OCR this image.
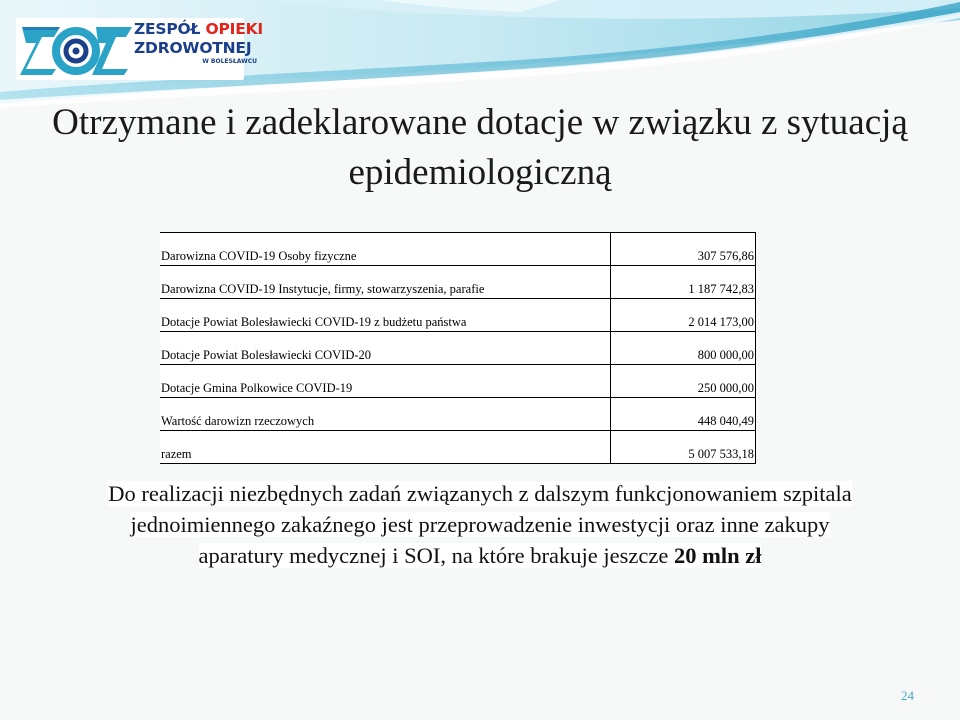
ZESPÓŁ OPIEKI
ZDROWOTNEJ
W BOLESŁAWCU
Otrzymane i zadeklarowane dotacje w związku z sytuacją epidemiologiczną
Darowizna COVID-19 Osoby fizyczne	307 576,86
Darowizna COVID-19 Instytucje, firmy, stowarzyszenia, parafie	1 187 742,83
Dotacje Powiat Bolesławiecki COVID-19 z budżetu państwa	2 014 173,00
Dotacje Powiat Bolesławiecki COVID-20	800 000,00
Dotacje Gmina Polkowice COVID-19	250 000,00
Wartość darowizn rzeczowych	448 040,49
razem	5 007 533,18
Do realizacji niezbędnych zadań związanych z dalszym funkcjonowaniem szpitala jednoimiennego zakaźnego jest przeprowadzenie inwestycji oraz inne zakupy aparatury medycznej i SOI, na które brakuje jeszcze 20 mln zł
24
